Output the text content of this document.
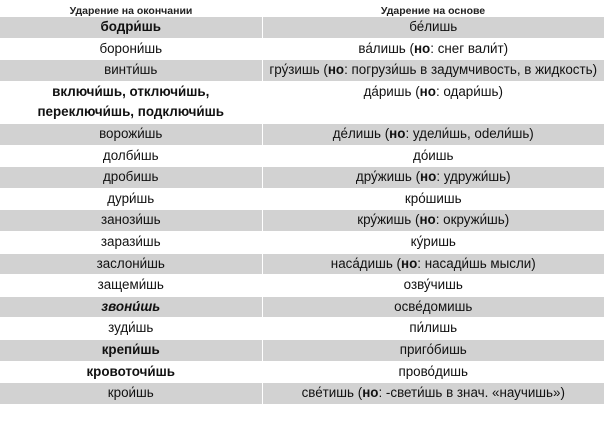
Ударение на окончании	Ударение на основе
бодри́шь	бе́лишь
борони́шь	ва́лишь (но: снег вали́т)
винти́шь	гру́зишь (но: погрузи́шь в задумчивость, в жидкость)
включи́шь, отключи́шь, переключи́шь, подключи́шь	да́ришь (но: одари́шь)
ворожи́шь	де́лишь (но: удели́шь, odели́шь)
долби́шь	до́ишь
дробишь	дру́жишь (но: удружи́шь)
дури́шь	кро́шишь
занози́шь	кру́жишь (но: окружи́шь)
зарази́шь	ку́ришь
заслони́шь	наса́дишь (но: насади́шь мысли)
защеми́шь	озву́чишь
звони́шь	осве́домишь
зуди́шь	пи́лишь
крепи́шь	приго́бишь
кровоточи́шь	прово́дишь
крои́шь	све́тишь (но: -свети́шь в знач. «научишь»)
